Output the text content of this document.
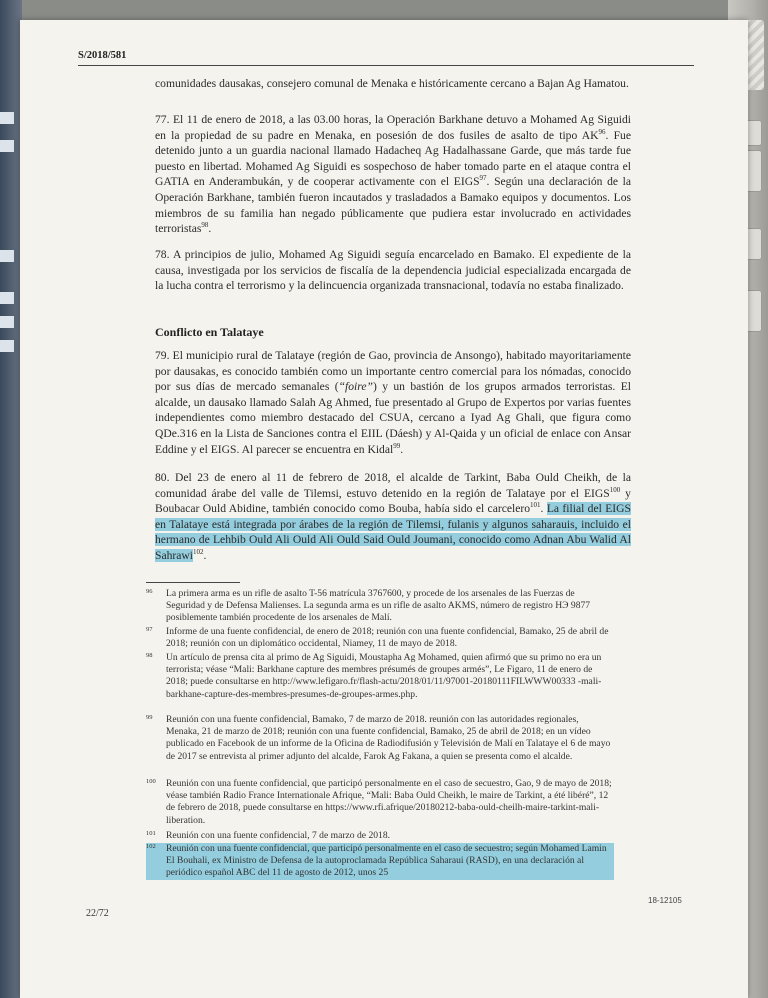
S/2018/581
comunidades dausakas, consejero comunal de Menaka e históricamente cercano a Bajan Ag Hamatou.
77. El 11 de enero de 2018, a las 03.00 horas, la Operación Barkhane detuvo a Mohamed Ag Siguidi en la propiedad de su padre en Menaka, en posesión de dos fusiles de asalto de tipo AK$^{96}$. Fue detenido junto a un guardia nacional llamado Hadacheq Ag Hadalhassane Garde, que más tarde fue puesto en libertad. Mohamed Ag Siguidi es sospechoso de haber tomado parte en el ataque contra el GATIA en Anderambukán, y de cooperar activamente con el EIGS$^{97}$. Según una declaración de la Operación Barkhane, también fueron incautados y trasladados a Bamako equipos y documentos. Los miembros de su familia han negado públicamente que pudiera estar involucrado en actividades terroristas$^{98}$.
78. A principios de julio, Mohamed Ag Siguidi seguía encarcelado en Bamako. El expediente de la causa, investigada por los servicios de fiscalía de la dependencia judicial especializada encargada de la lucha contra el terrorismo y la delincuencia organizada transnacional, todavía no estaba finalizado.
Conflicto en Talataye
79. El municipio rural de Talataye (región de Gao, provincia de Ansongo), habitado mayoritariamente por dausakas, es conocido también como un importante centro comercial para los nómadas, conocido por sus días de mercado semanales (“foire”) y un bastión de los grupos armados terroristas. El alcalde, un dausako llamado Salah Ag Ahmed, fue presentado al Grupo de Expertos por varias fuentes independientes como miembro destacado del CSUA, cercano a Iyad Ag Ghali, que figura como QDe.316 en la Lista de Sanciones contra el EIIL (Dáesh) y Al-Qaida y un oficial de enlace con Ansar Eddine y el EIGS. Al parecer se encuentra en Kidal$^{99}$.
80. Del 23 de enero al 11 de febrero de 2018, el alcalde de Tarkint, Baba Ould Cheikh, de la comunidad árabe del valle de Tilemsi, estuvo detenido en la región de Talataye por el EIGS$^{100}$ y Boubacar Ould Abidine, también conocido como Bouba, había sido el carcelero$^{101}$. La filial del EIGS en Talataye está integrada por árabes de la región de Tilemsi, fulanis y algunos saharauis, incluido el hermano de Lehbib Ould Ali Ould Ali Ould Said Ould Joumani, conocido como Adnan Abu Walid Al Sahrawi$^{102}$.
96	La primera arma es un rifle de asalto T-56 matrícula 3767600, y procede de los arsenales de las Fuerzas de Seguridad y de Defensa Malienses. La segunda arma es un rifle de asalto AKMS, número de registro НЭ 9877 posiblemente también procedente de los arsenales de Malí.
97	Informe de una fuente confidencial, de enero de 2018; reunión con una fuente confidencial, Bamako, 25 de abril de 2018; reunión con un diplomático occidental, Niamey, 11 de mayo de 2018.
98	Un artículo de prensa cita al primo de Ag Siguidi, Moustapha Ag Mohamed, quien afirmó que su primo no era un terrorista; véase “Mali: Barkhane capture des membres présumés de groupes armés”, Le Figaro, 11 de enero de 2018; puede consultarse en http://www.lefigaro.fr/flash-actu/2018/01/11/97001-20180111FILWWW00333 -mali-barkhane-capture-des-membres-presumes-de-groupes-armes.php.
99	Reunión con una fuente confidencial, Bamako, 7 de marzo de 2018. reunión con las autoridades regionales, Menaka, 21 de marzo de 2018; reunión con una fuente confidencial, Bamako, 25 de abril de 2018; en un vídeo publicado en Facebook de un informe de la Oficina de Radiodifusión y Televisión de Malí en Talataye el 6 de mayo de 2017 se entrevista al primer adjunto del alcalde, Farok Ag Fakana, a quien se presenta como el alcalde.
100	Reunión con una fuente confidencial, que participó personalmente en el caso de secuestro, Gao, 9 de mayo de 2018; véase también Radio France Internationale Afrique, “Mali: Baba Ould Cheikh, le maire de Tarkint, a été libéré”, 12 de febrero de 2018, puede consultarse en https://www.rfi.afrique/20180212-baba-ould-cheilh-maire-tarkint-mali-liberation.
101	Reunión con una fuente confidencial, 7 de marzo de 2018.
102	Reunión con una fuente confidencial, que participó personalmente en el caso de secuestro; según Mohamed Lamin El Bouhali, ex Ministro de Defensa de la autoproclamada República Saharaui (RASD), en una declaración al periódico español ABC del 11 de agosto de 2012, unos 25
22/72
18-12105
